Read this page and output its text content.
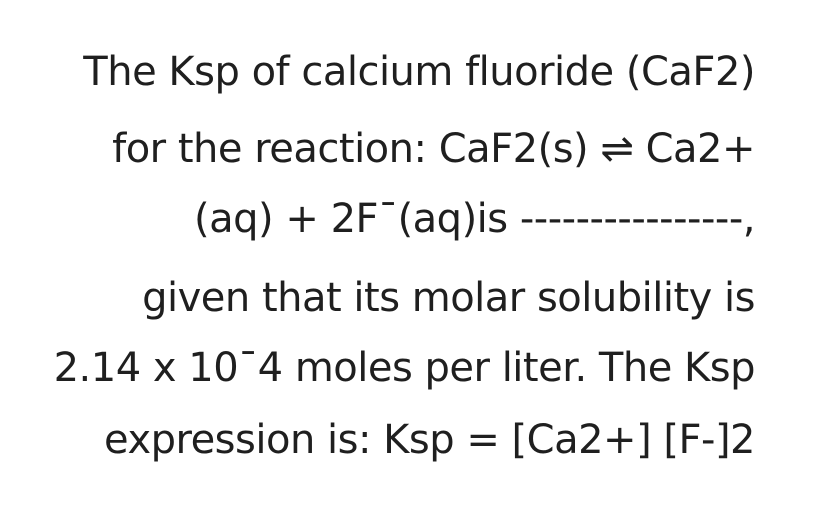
The Ksp of calcium fluoride (CaF2)
for the reaction: CaF2(s) ⇌ Ca2+
(aq) + 2F¯(aq)is ----------------,
given that its molar solubility is
2.14 x 10¯4 moles per liter. The Ksp
expression is: Ksp = [Ca2+] [F-]2
